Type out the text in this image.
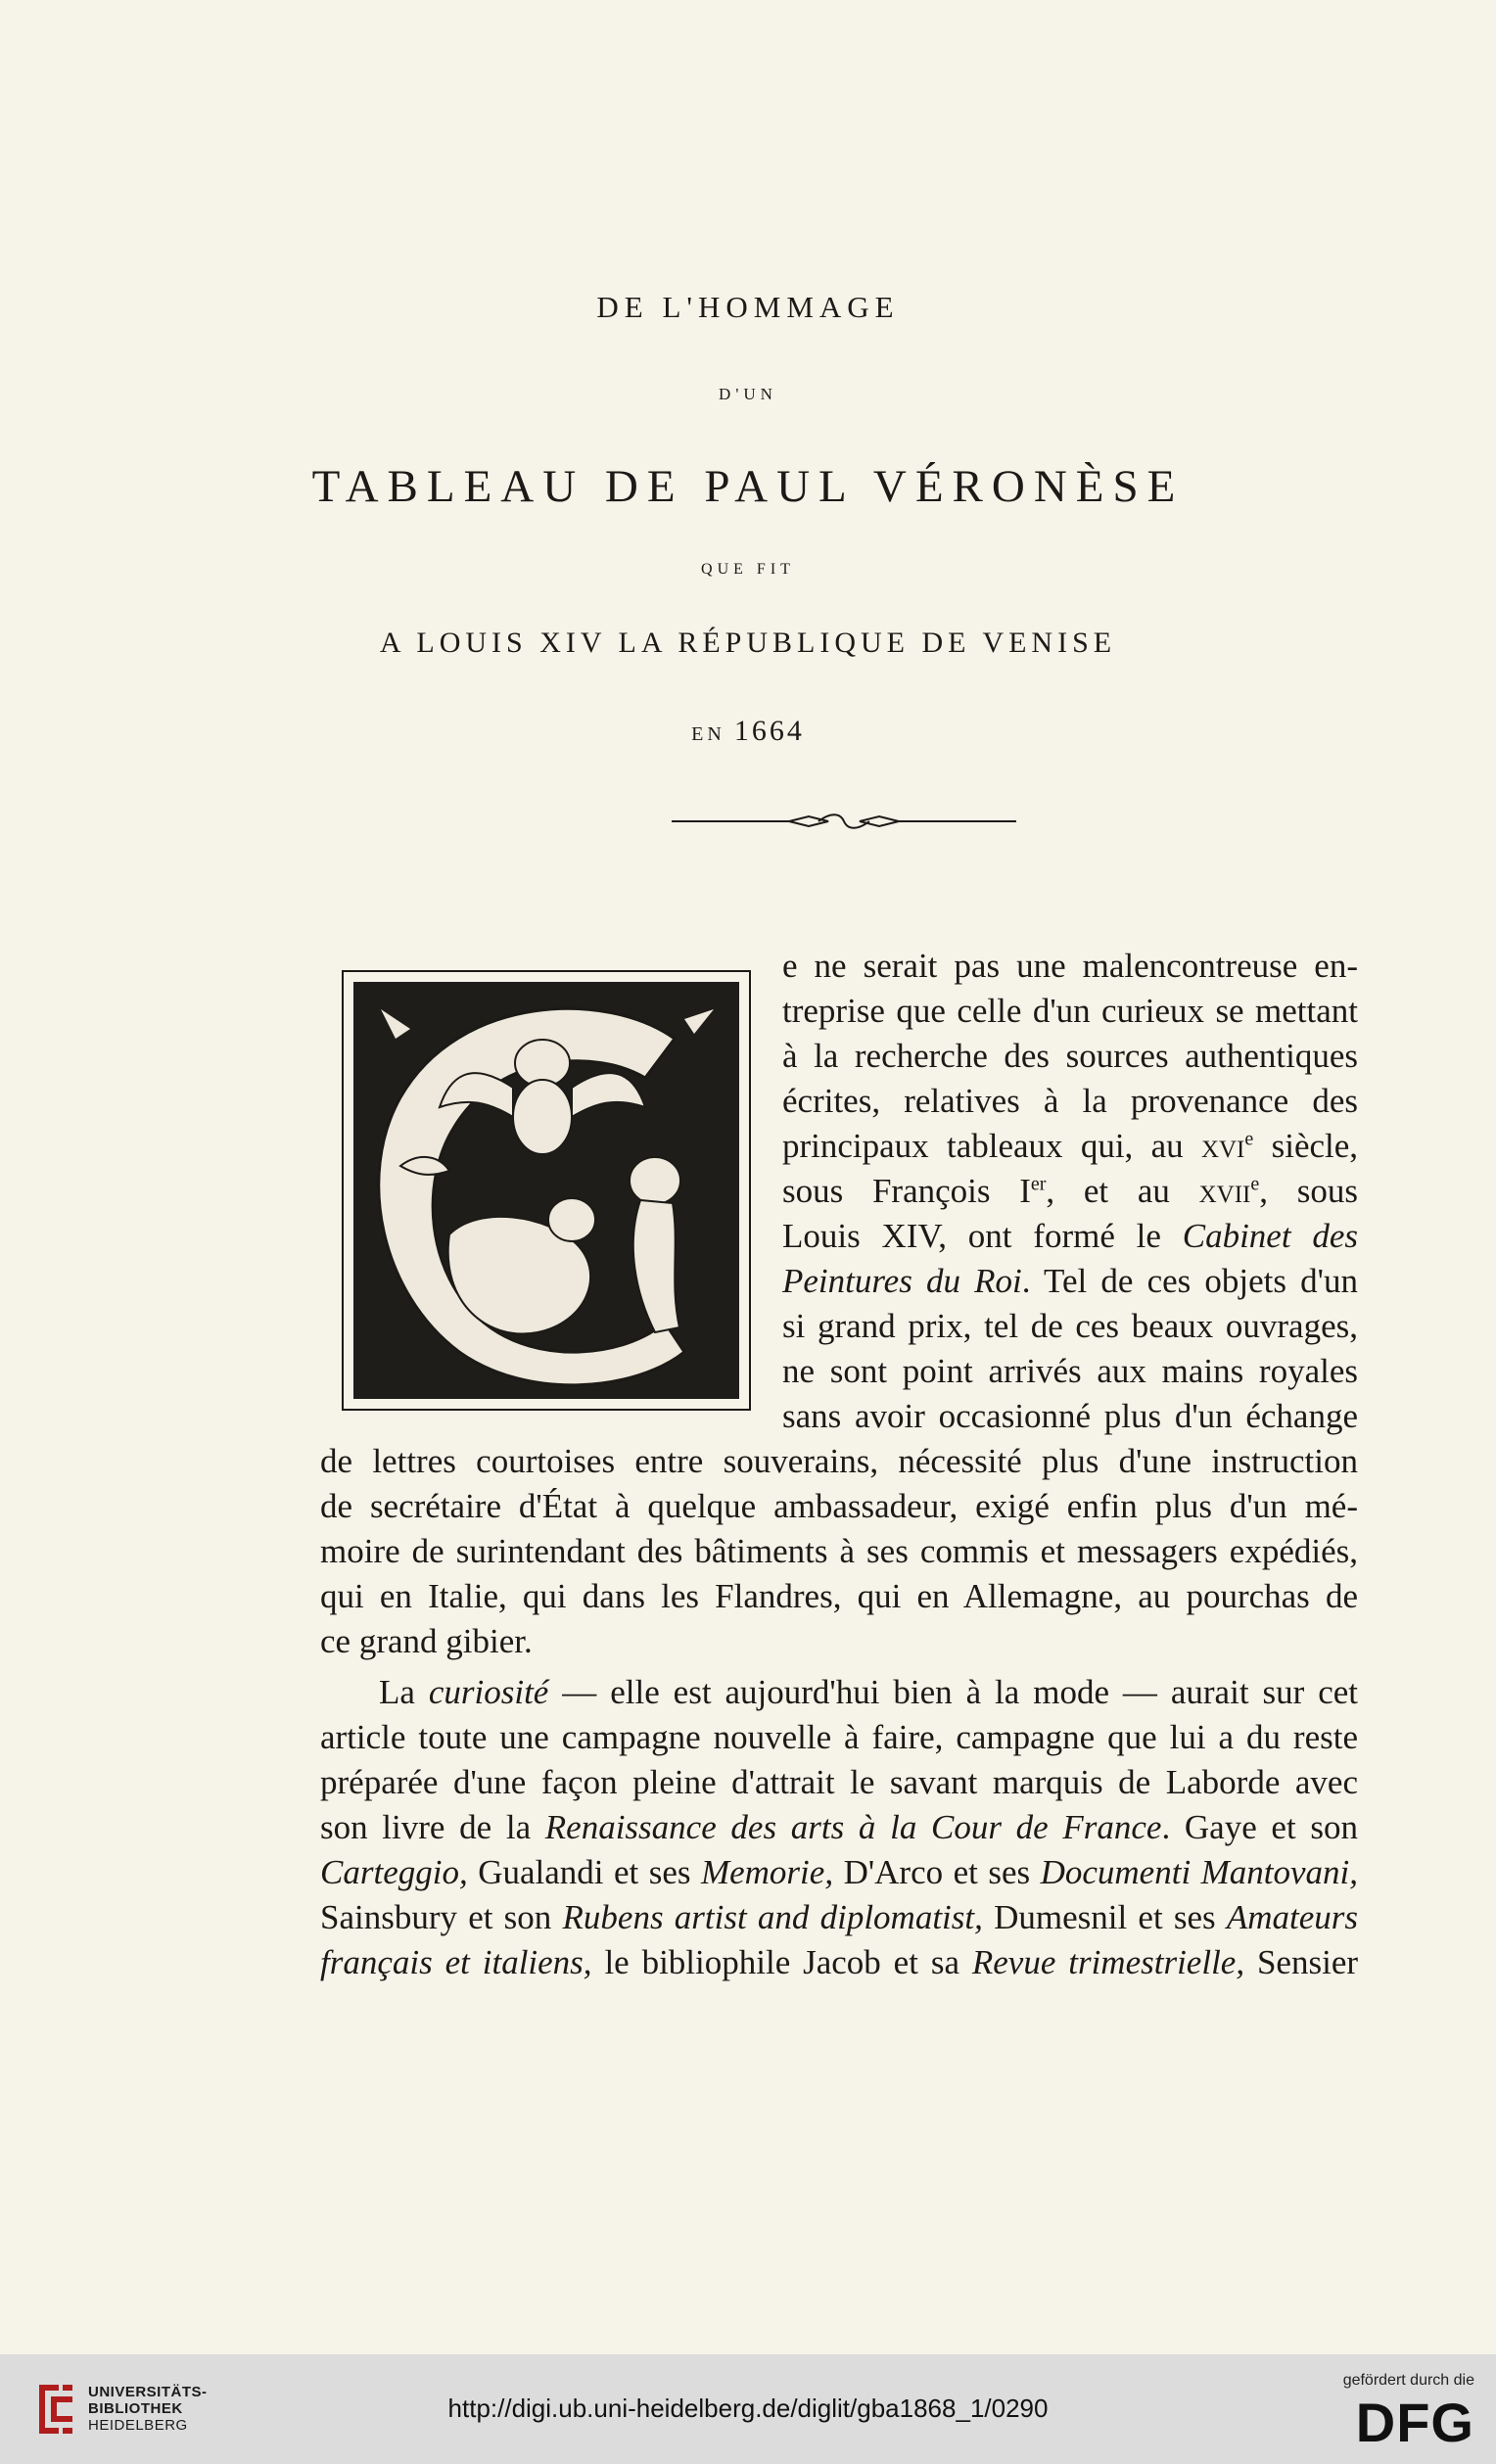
DE L'HOMMAGE
D'UN
TABLEAU DE PAUL VÉRONÈSE
QUE FIT
A LOUIS XIV LA RÉPUBLIQUE DE VENISE
EN 1664
e ne serait pas une malencontreuse en-
treprise que celle d'un curieux se mettant
à la recherche des sources authentiques
écrites, relatives à la provenance des
principaux tableaux qui, au xvi$^e$ siècle,
sous François Ier, et au xvii$^e$, sous
Louis XIV, ont formé le Cabinet des
Peintures du Roi. Tel de ces objets d'un
si grand prix, tel de ces beaux ouvrages,
ne sont point arrivés aux mains royales
sans avoir occasionné plus d'un échange
de lettres courtoises entre souverains, nécessité plus d'une instruction
de secrétaire d'État à quelque ambassadeur, exigé enfin plus d'un mé-
moire de surintendant des bâtiments à ses commis et messagers expédiés,
qui en Italie, qui dans les Flandres, qui en Allemagne, au pourchas de
ce grand gibier.
La curiosité — elle est aujourd'hui bien à la mode — aurait sur cet
article toute une campagne nouvelle à faire, campagne que lui a du reste
préparée d'une façon pleine d'attrait le savant marquis de Laborde avec
son livre de la Renaissance des arts à la Cour de France. Gaye et son
Carteggio, Gualandi et ses Memorie, D'Arco et ses Documenti Mantovani,
Sainsbury et son Rubens artist and diplomatist, Dumesnil et ses Amateurs
français et italiens, le bibliophile Jacob et sa Revue trimestrielle, Sensier
UNIVERSITÄTS-
BIBLIOTHEK
HEIDELBERG
http://digi.ub.uni-heidelberg.de/diglit/gba1868_1/0290
gefördert durch die
DFG
